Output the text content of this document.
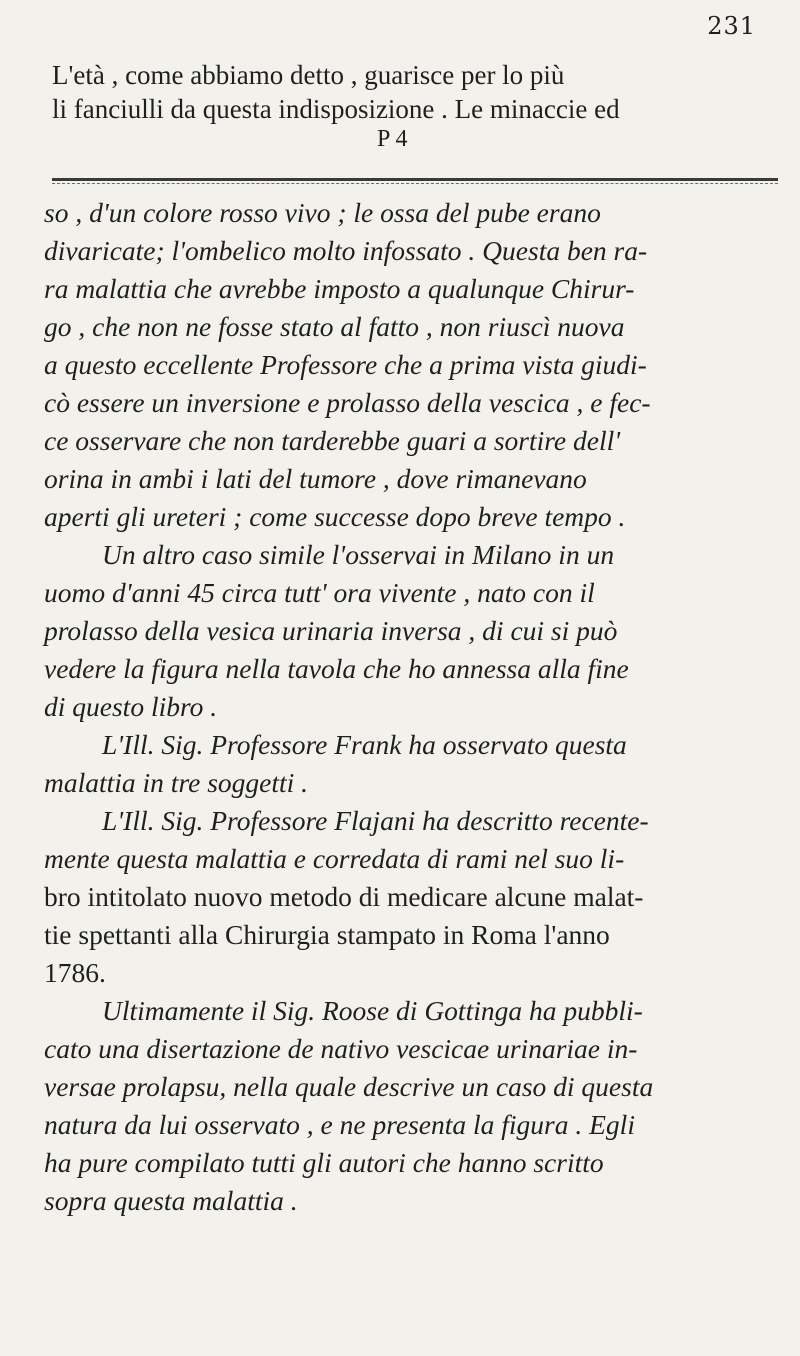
231
L'età , come abbiamo detto , guarisce per lo più
li fanciulli da questa indisposizione . Le minaccie ed
P 4

so , d'un colore rosso vivo ; le ossa del pube erano
divaricate; l'ombelico molto infossato . Questa ben ra-
ra malattia che avrebbe imposto a qualunque Chirur-
go , che non ne fosse stato al fatto , non riuscì nuova
a questo eccellente Professore che a prima vista giudi-
cò essere un inversione e prolasso della vescica , e fec-
ce osservare che non tarderebbe guari a sortire dell'
orina in ambi i lati del tumore , dove rimanevano
aperti gli ureteri ; come successe dopo breve tempo .

Un altro caso simile l'osservai in Milano in un
uomo d'anni 45 circa tutt' ora vivente , nato con il
prolasso della vesica urinaria inversa , di cui si può
vedere la figura nella tavola che ho annessa alla fine
di questo libro .

L'Ill. Sig. Professore Frank ha osservato questa
malattia in tre soggetti .

L'Ill. Sig. Professore Flajani ha descritto recente-
mente questa malattia e corredata di rami nel suo li-
bro intitolato nuovo metodo di medicare alcune malat-
tie spettanti alla Chirurgia stampato in Roma l'anno
1786.

Ultimamente il Sig. Roose di Gottinga ha pubbli-
cato una disertazione de nativo vescicae urinariae in-
versae prolapsu, nella quale descrive un caso di questa
natura da lui osservato , e ne presenta la figura . Egli
ha pure compilato tutti gli autori che hanno scritto
sopra questa malattia .
